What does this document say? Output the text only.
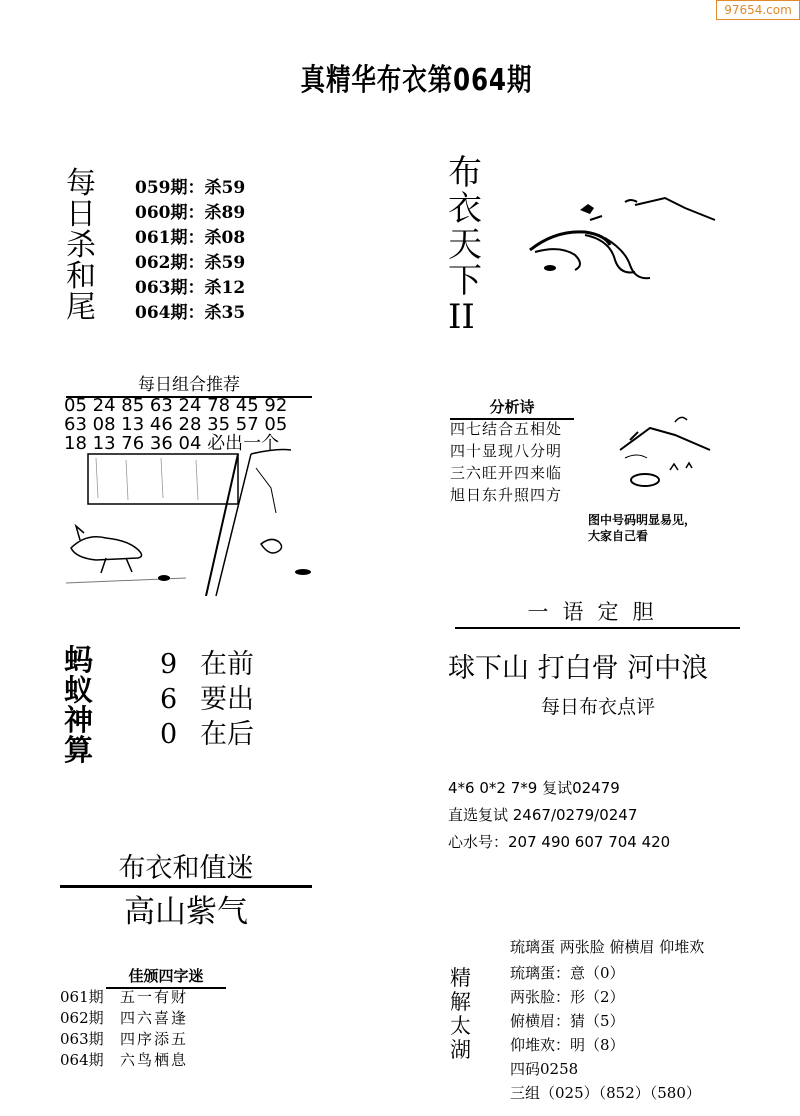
97654.com
真精华布衣第064期
每
日
杀
和
尾
059期：杀59
060期：杀89
061期：杀08
062期：杀59
063期：杀12
064期：杀35
布
衣
天
下
II
每日组合推荐
05 24 85 63 24 78 45 92
63 08 13 46 28 35 57 05
18 13 76 36 04 必出一个
分析诗
四七结合五相处
四十显现八分明
三六旺开四来临
旭日东升照四方
图中号码明显易见，
大家自己看
一语定胆
球下山 打白骨 河中浪
每日布衣点评
蚂
蚁
神
算
9 在前
6 要出
0 在后
4*6 0*2 7*9 复试02479
直选复试 2467/0279/0247
心水号：207 490 607 704 420
布衣和值迷
高山紫气
佳颁四字迷
061期 五一有财
062期 四六喜逢
063期 四序添五
064期 六鸟栖息
精
解
太
湖
琉璃蛋 两张脸 俯横眉 仰堆欢
琉璃蛋：意（0）
两张脸：形（2）
俯横眉：猜（5）
仰堆欢：明（8）
四码0258
三组（025）（852）（580）
